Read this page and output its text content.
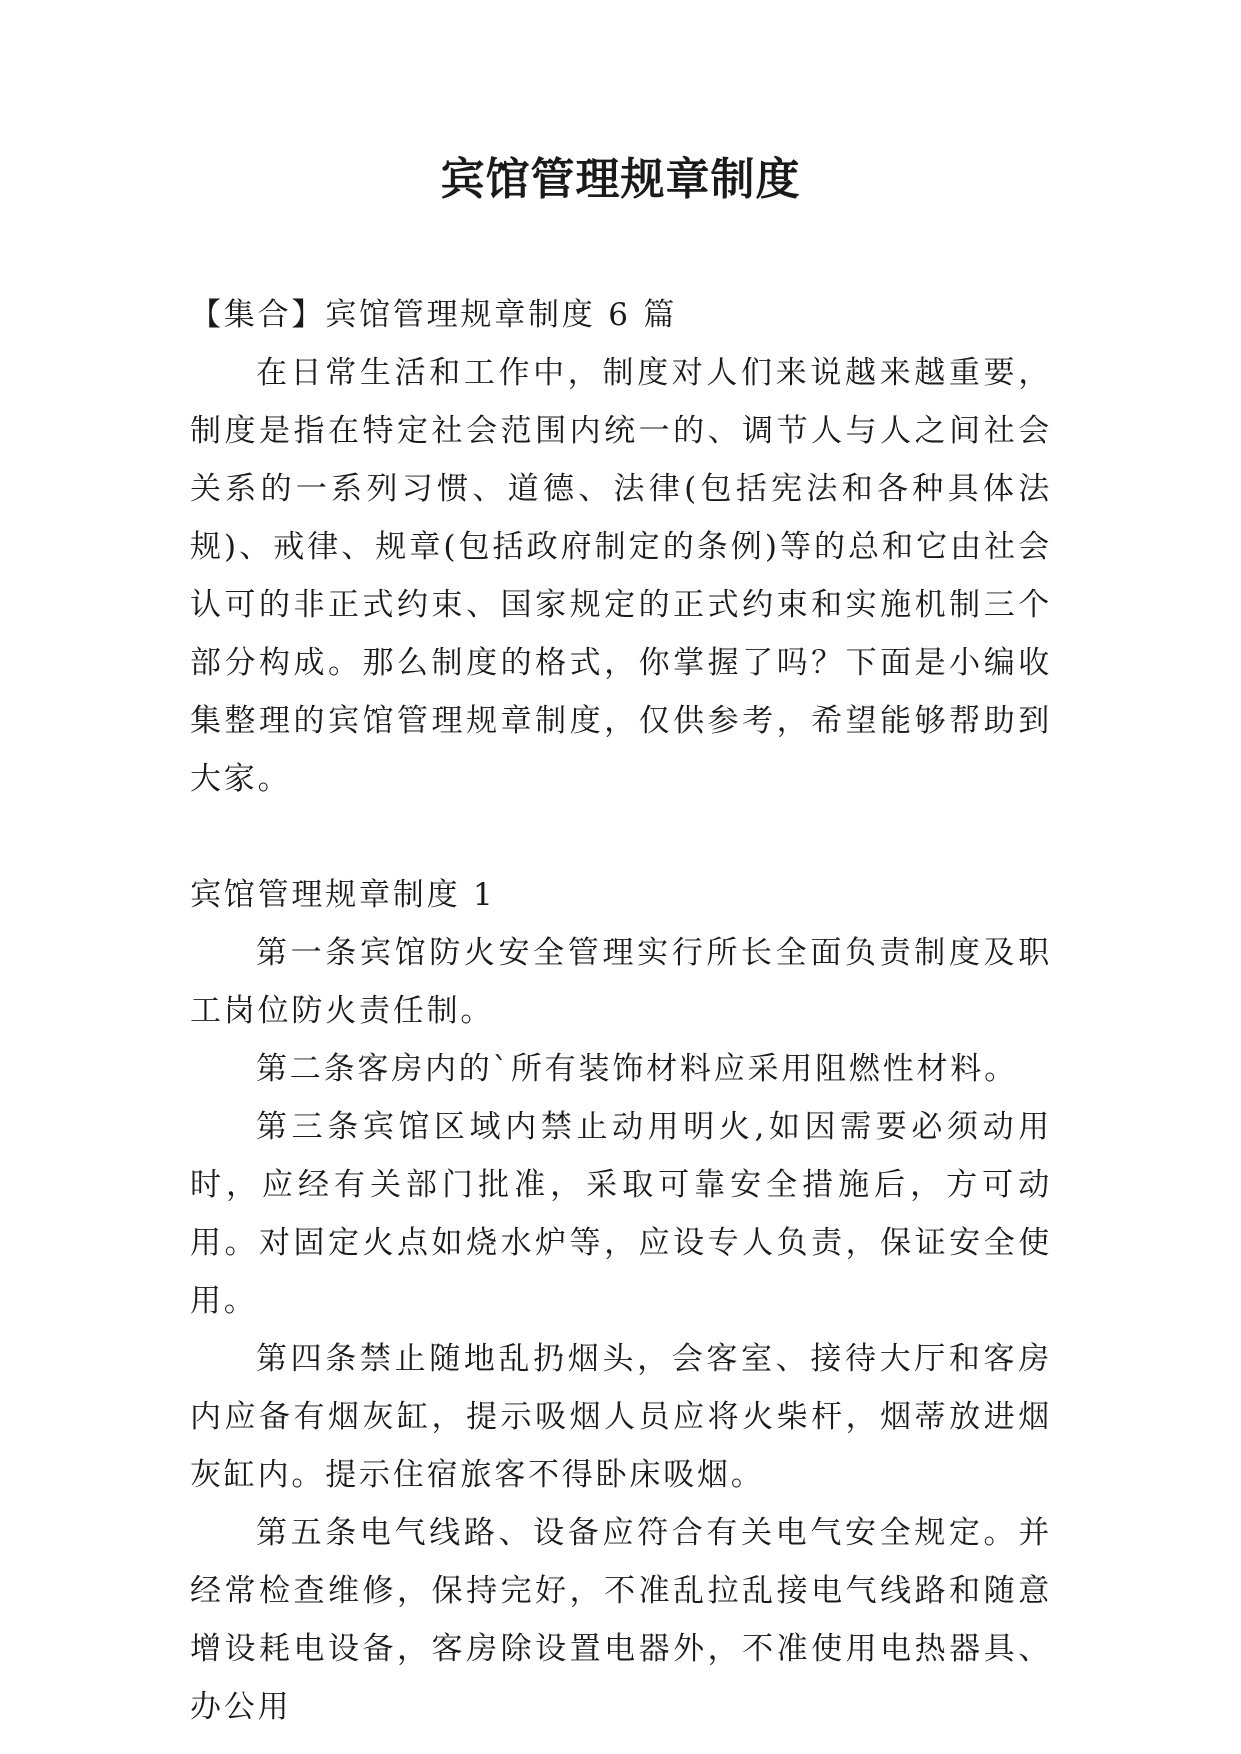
宾馆管理规章制度

【集合】宾馆管理规章制度 6 篇

在日常生活和工作中，制度对人们来说越来越重要，制度是指在特定社会范围内统一的、调节人与人之间社会关系的一系列习惯、道德、法律(包括宪法和各种具体法规)、戒律、规章(包括政府制定的条例)等的总和它由社会认可的非正式约束、国家规定的正式约束和实施机制三个部分构成。那么制度的格式，你掌握了吗？下面是小编收集整理的宾馆管理规章制度，仅供参考，希望能够帮助到大家。

宾馆管理规章制度 1

第一条宾馆防火安全管理实行所长全面负责制度及职工岗位防火责任制。

第二条客房内的`所有装饰材料应采用阻燃性材料。

第三条宾馆区域内禁止动用明火,如因需要必须动用时，应经有关部门批准，采取可靠安全措施后，方可动用。对固定火点如烧水炉等，应设专人负责，保证安全使用。

第四条禁止随地乱扔烟头，会客室、接待大厅和客房内应备有烟灰缸，提示吸烟人员应将火柴杆，烟蒂放进烟灰缸内。提示住宿旅客不得卧床吸烟。

第五条电气线路、设备应符合有关电气安全规定。并经常检查维修，保持完好，不准乱拉乱接电气线路和随意增设耗电设备，客房除设置电器外，不准使用电热器具、办公用
